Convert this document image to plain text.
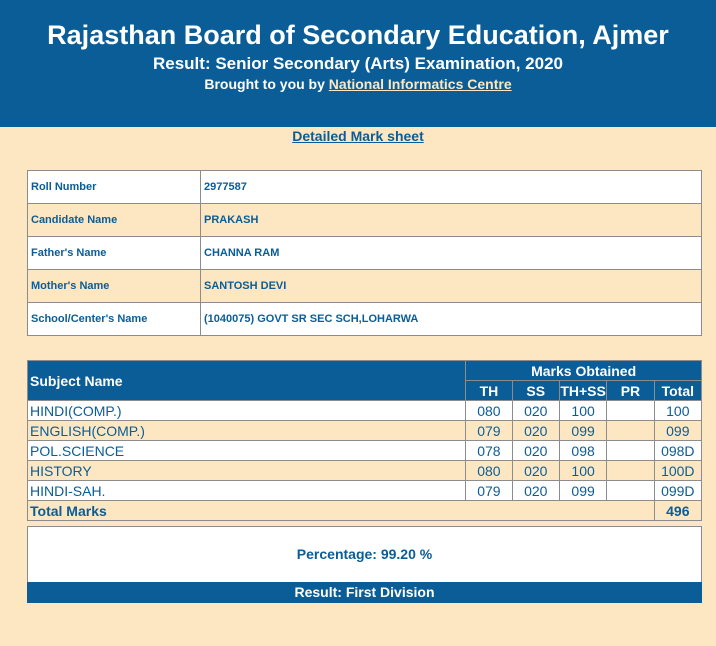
Rajasthan Board of Secondary Education, Ajmer
Result: Senior Secondary (Arts) Examination, 2020
Brought to you by National Informatics Centre
Detailed Mark sheet
Roll Number	2977587
Candidate Name	PRAKASH
Father's Name	CHANNA RAM
Mother's Name	SANTOSH DEVI
School/Center's Name	(1040075) GOVT SR SEC SCH,LOHARWA
Subject Name	Marks Obtained				
	TH	SS	TH+SS	PR	Total
HINDI(COMP.)	080	020	100		100
ENGLISH(COMP.)	079	020	099		099
POL.SCIENCE	078	020	098		098D
HISTORY	080	020	100		100D
HINDI-SAH.	079	020	099		099D
Total Marks					496
Percentage: 99.20 %
Result: First Division
